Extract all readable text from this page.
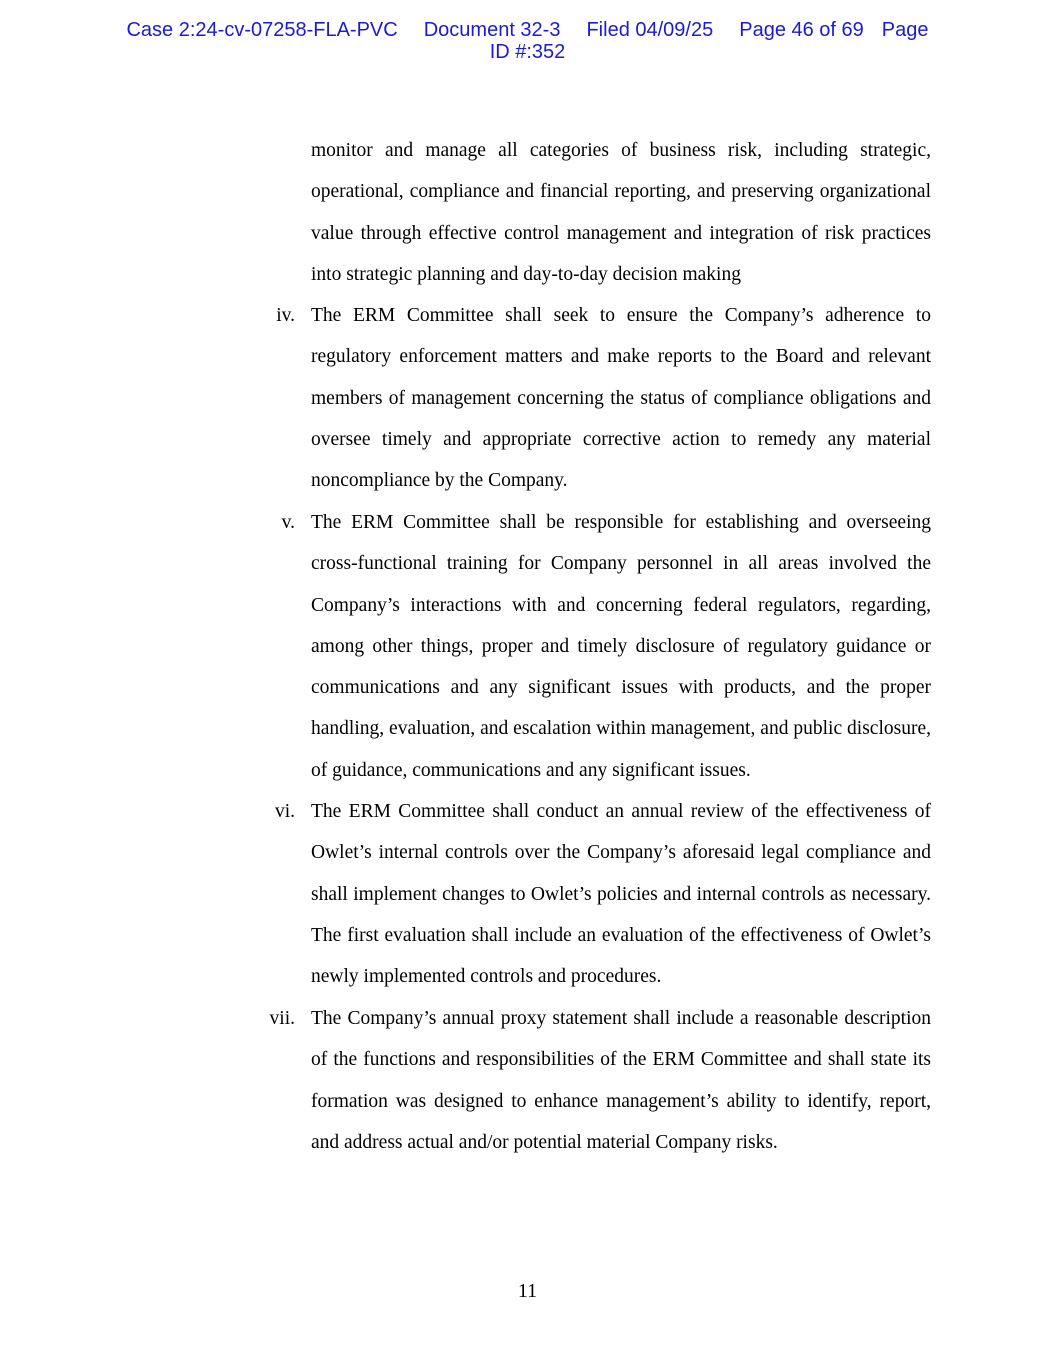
Case 2:24-cv-07258-FLA-PVC Document 32-3 Filed 04/09/25 Page 46 of 69 Page
ID #:352
monitor and manage all categories of business risk, including strategic, operational, compliance and financial reporting, and preserving organizational value through effective control management and integration of risk practices into strategic planning and day-to-day decision making
iv. The ERM Committee shall seek to ensure the Company’s adherence to regulatory enforcement matters and make reports to the Board and relevant members of management concerning the status of compliance obligations and oversee timely and appropriate corrective action to remedy any material noncompliance by the Company.
v. The ERM Committee shall be responsible for establishing and overseeing cross-functional training for Company personnel in all areas involved the Company’s interactions with and concerning federal regulators, regarding, among other things, proper and timely disclosure of regulatory guidance or communications and any significant issues with products, and the proper handling, evaluation, and escalation within management, and public disclosure, of guidance, communications and any significant issues.
vi. The ERM Committee shall conduct an annual review of the effectiveness of Owlet’s internal controls over the Company’s aforesaid legal compliance and shall implement changes to Owlet’s policies and internal controls as necessary. The first evaluation shall include an evaluation of the effectiveness of Owlet’s newly implemented controls and procedures.
vii. The Company’s annual proxy statement shall include a reasonable description of the functions and responsibilities of the ERM Committee and shall state its formation was designed to enhance management’s ability to identify, report, and address actual and/or potential material Company risks.
11
